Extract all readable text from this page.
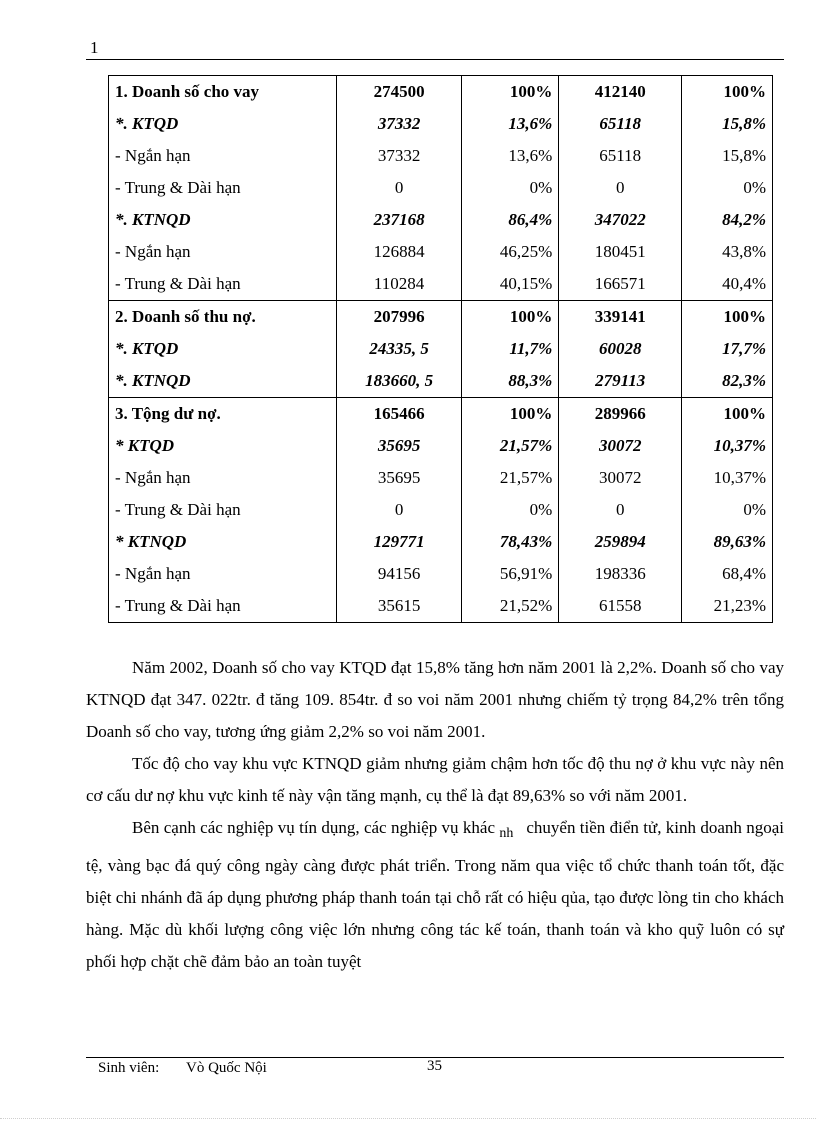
1
1. Doanh số cho vay	274500	100%	412140	100%
*. KTQD	37332	13,6%	65118	15,8%
- Ngắn hạn	37332	13,6%	65118	15,8%
- Trung & Dài hạn	0	0%	0	0%
*. KTNQD	237168	86,4%	347022	84,2%
- Ngắn hạn	126884	46,25%	180451	43,8%
- Trung & Dài hạn	110284	40,15%	166571	40,4%
2. Doanh số thu nợ.	207996	100%	339141	100%
*. KTQD	24335, 5	11,7%	60028	17,7%
*. KTNQD	183660, 5	88,3%	279113	82,3%
3. Tộng dư nợ.	165466	100%	289966	100%
* KTQD	35695	21,57%	30072	10,37%
- Ngắn hạn	35695	21,57%	30072	10,37%
- Trung & Dài hạn	0	0%	0	0%
* KTNQD	129771	78,43%	259894	89,63%
- Ngắn hạn	94156	56,91%	198336	68,4%
- Trung & Dài hạn	35615	21,52%	61558	21,23%

Năm 2002, Doanh số cho vay KTQD đạt 15,8% tăng hơn năm 2001 là 2,2%. Doanh số cho vay KTNQD đạt 347. 022tr. đ tăng 109. 854tr. đ so voi năm 2001 nhưng chiếm tỷ trọng 84,2% trên tổng Doanh số cho vay, tương ứng giảm 2,2% so voi năm 2001.

Tốc độ cho vay khu vực KTNQD giảm nhưng giảm chậm hơn tốc độ thu nợ ở khu vực này nên cơ cấu dư nợ khu vực kinh tế này vận tăng mạnh, cụ thể là đạt 89,63% so với năm 2001.

Bên cạnh các nghiệp vụ tín dụng, các nghiệp vụ khác $_{nh}$ chuyển tiền điển tử, kinh doanh ngoại tệ, vàng bạc đá quý công ngày càng được phát triển. Trong năm qua việc tổ chức thanh toán tốt, đặc biệt chi nhánh đã áp dụng phương pháp thanh toán tại chỗ rất có hiệu qủa, tạo được lòng tin cho khách hàng. Mặc dù khối lượng công việc lớn nhưng công tác kế toán, thanh toán và kho quỹ luôn có sự phối hợp chặt chẽ đảm bảo an toàn tuyệt

Sinh viên: Vò Quốc Nội	35
